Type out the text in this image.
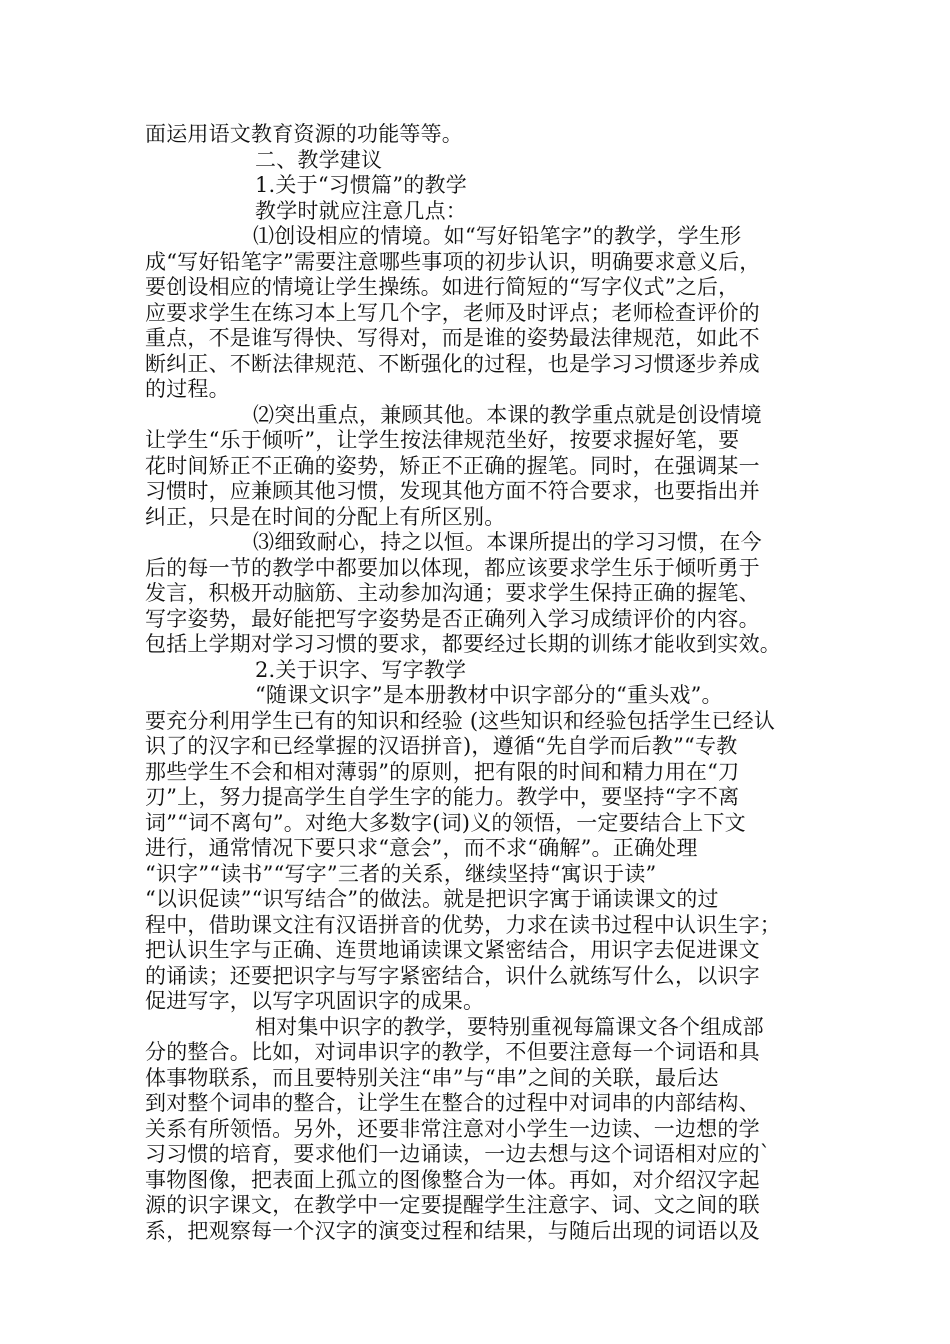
面运用语文教育资源的功能等等。
二、教学建议
1.关于“习惯篇”的教学
教学时就应注意几点：
⑴创设相应的情境。如“写好铅笔字”的教学，学生形
成“写好铅笔字”需要注意哪些事项的初步认识，明确要求意义后，
要创设相应的情境让学生操练。如进行简短的“写字仪式”之后，
应要求学生在练习本上写几个字，老师及时评点；老师检查评价的
重点，不是谁写得快、写得对，而是谁的姿势最法律规范，如此不
断纠正、不断法律规范、不断强化的过程，也是学习习惯逐步养成
的过程。
⑵突出重点，兼顾其他。本课的教学重点就是创设情境
让学生“乐于倾听”，让学生按法律规范坐好，按要求握好笔，要
花时间矫正不正确的姿势，矫正不正确的握笔。同时，在强调某一
习惯时，应兼顾其他习惯，发现其他方面不符合要求，也要指出并
纠正，只是在时间的分配上有所区别。
⑶细致耐心，持之以恒。本课所提出的学习习惯，在今
后的每一节的教学中都要加以体现，都应该要求学生乐于倾听勇于
发言，积极开动脑筋、主动参加沟通；要求学生保持正确的握笔、
写字姿势，最好能把写字姿势是否正确列入学习成绩评价的内容。
包括上学期对学习习惯的要求，都要经过长期的训练才能收到实效。
2.关于识字、写字教学
“随课文识字”是本册教材中识字部分的“重头戏”。
要充分利用学生已有的知识和经验 (这些知识和经验包括学生已经认
识了的汉字和已经掌握的汉语拼音)，遵循“先自学而后教”“专教
那些学生不会和相对薄弱”的原则，把有限的时间和精力用在“刀
刃”上，努力提高学生自学生字的能力。教学中，要坚持“字不离
词”“词不离句”。对绝大多数字(词)义的领悟，一定要结合上下文
进行，通常情况下要只求“意会”，而不求“确解”。正确处理
“识字”“读书”“写字”三者的关系，继续坚持“寓识于读”
“以识促读”“识写结合”的做法。就是把识字寓于诵读课文的过
程中，借助课文注有汉语拼音的优势，力求在读书过程中认识生字；
把认识生字与正确、连贯地诵读课文紧密结合，用识字去促进课文
的诵读；还要把识字与写字紧密结合，识什么就练写什么，以识字
促进写字，以写字巩固识字的成果。
相对集中识字的教学，要特别重视每篇课文各个组成部
分的整合。比如，对词串识字的教学，不但要注意每一个词语和具
体事物联系，而且要特别关注“串”与“串”之间的关联，最后达
到对整个词串的整合，让学生在整合的过程中对词串的内部结构、
关系有所领悟。另外，还要非常注意对小学生一边读、一边想的学
习习惯的培育，要求他们一边诵读，一边去想与这个词语相对应的`
事物图像，把表面上孤立的图像整合为一体。再如，对介绍汉字起
源的识字课文，在教学中一定要提醒学生注意字、词、文之间的联
系，把观察每一个汉字的演变过程和结果，与随后出现的词语以及
